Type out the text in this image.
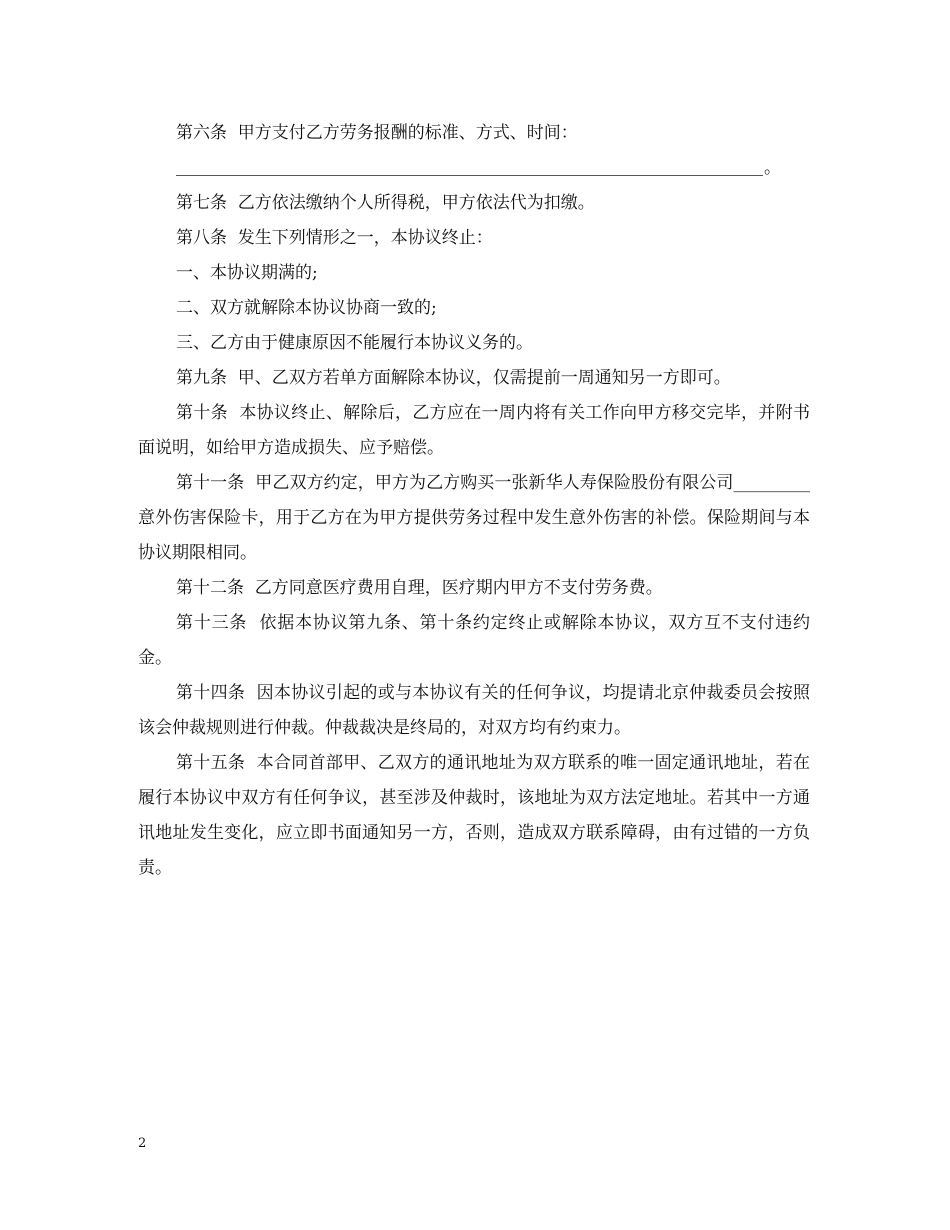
第六条  甲方支付乙方劳务报酬的标准、方式、时间：

。

第七条  乙方依法缴纳个人所得税，甲方依法代为扣缴。

第八条  发生下列情形之一，本协议终止：

一、本协议期满的;

二、双方就解除本协议协商一致的;

三、乙方由于健康原因不能履行本协议义务的。

第九条  甲、乙双方若单方面解除本协议，仅需提前一周通知另一方即可。

第十条  本协议终止、解除后，乙方应在一周内将有关工作向甲方移交完毕，并附书面说明，如给甲方造成损失、应予赔偿。

第十一条  甲乙双方约定，甲方为乙方购买一张新华人寿保险股份有限公司_________意外伤害保险卡，用于乙方在为甲方提供劳务过程中发生意外伤害的补偿。保险期间与本协议期限相同。

第十二条  乙方同意医疗费用自理，医疗期内甲方不支付劳务费。

第十三条  依据本协议第九条、第十条约定终止或解除本协议，双方互不支付违约金。

第十四条  因本协议引起的或与本协议有关的任何争议，均提请北京仲裁委员会按照该会仲裁规则进行仲裁。仲裁裁决是终局的，对双方均有约束力。

第十五条  本合同首部甲、乙双方的通讯地址为双方联系的唯一固定通讯地址，若在履行本协议中双方有任何争议，甚至涉及仲裁时，该地址为双方法定地址。若其中一方通讯地址发生变化，应立即书面通知另一方，否则，造成双方联系障碍，由有过错的一方负责。

2
